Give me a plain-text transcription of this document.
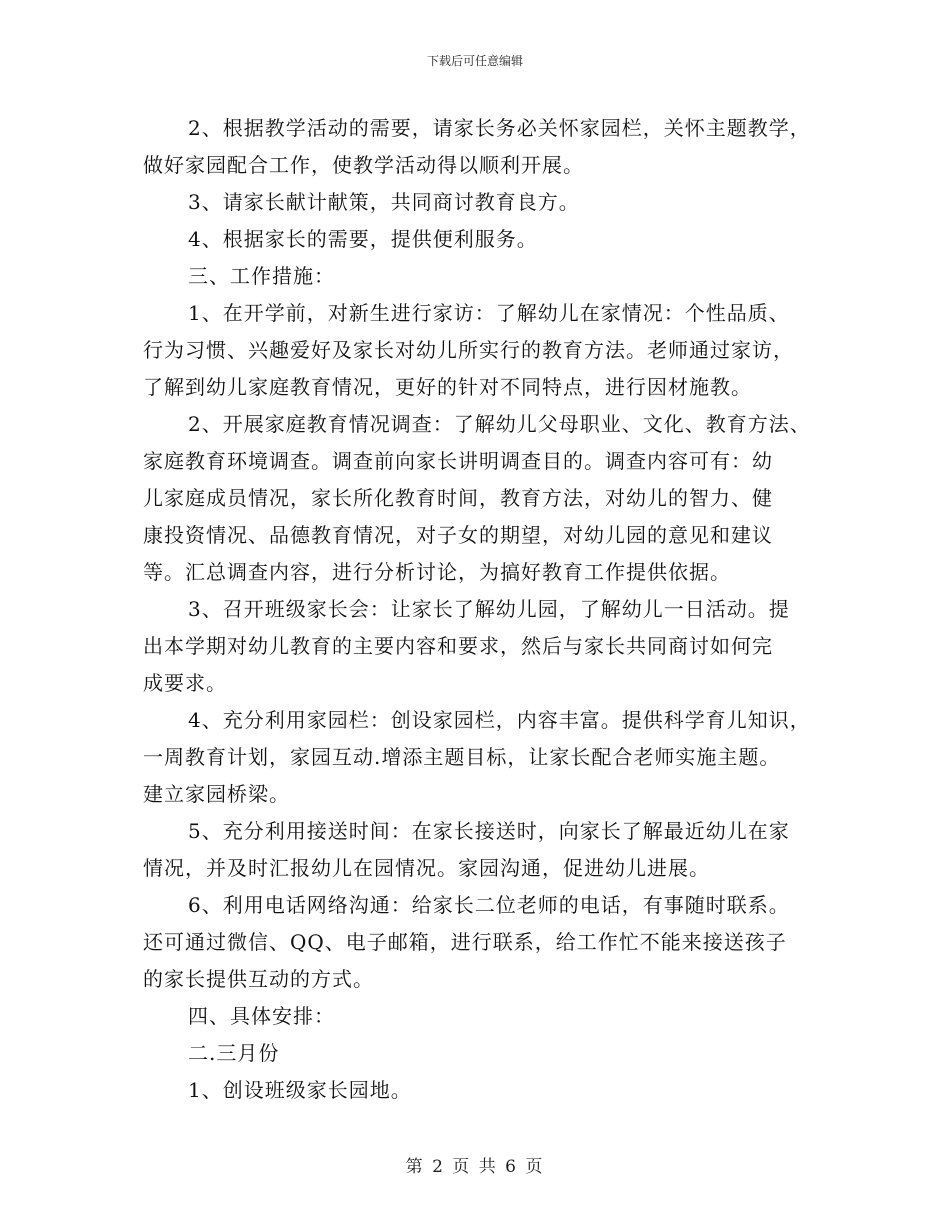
下载后可任意编辑
2、根据教学活动的需要，请家长务必关怀家园栏，关怀主题教学，
做好家园配合工作，使教学活动得以顺利开展。
3、请家长献计献策，共同商讨教育良方。
4、根据家长的需要，提供便利服务。
三、工作措施：
1、在开学前，对新生进行家访：了解幼儿在家情况：个性品质、
行为习惯、兴趣爱好及家长对幼儿所实行的教育方法。老师通过家访，
了解到幼儿家庭教育情况，更好的针对不同特点，进行因材施教。
2、开展家庭教育情况调查：了解幼儿父母职业、文化、教育方法、
家庭教育环境调查。调查前向家长讲明调查目的。调查内容可有：幼
儿家庭成员情况，家长所化教育时间，教育方法，对幼儿的智力、健
康投资情况、品德教育情况，对子女的期望，对幼儿园的意见和建议
等。汇总调查内容，进行分析讨论，为搞好教育工作提供依据。
3、召开班级家长会：让家长了解幼儿园，了解幼儿一日活动。提
出本学期对幼儿教育的主要内容和要求，然后与家长共同商讨如何完
成要求。
4、充分利用家园栏：创设家园栏，内容丰富。提供科学育儿知识，
一周教育计划，家园互动.增添主题目标，让家长配合老师实施主题。
建立家园桥梁。
5、充分利用接送时间：在家长接送时，向家长了解最近幼儿在家
情况，并及时汇报幼儿在园情况。家园沟通，促进幼儿进展。
6、利用电话网络沟通：给家长二位老师的电话，有事随时联系。
还可通过微信、QQ、电子邮箱，进行联系，给工作忙不能来接送孩子
的家长提供互动的方式。
四、具体安排：
二.三月份
1、创设班级家长园地。
第 2 页 共 6 页
